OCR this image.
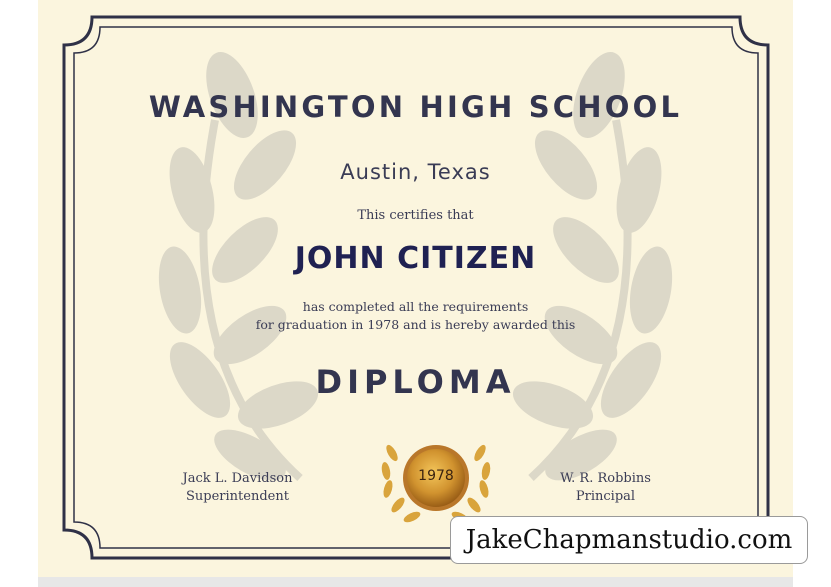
WASHINGTON HIGH SCHOOL
Austin, Texas
This certifies that
JOHN CITIZEN
has completed all the requirements
for graduation in 1978 and is hereby awarded this
DIPLOMA
Jack L. Davidson
Superintendent
1978	W. R. Robbins
Principal
JakeChapmanstudio.com
